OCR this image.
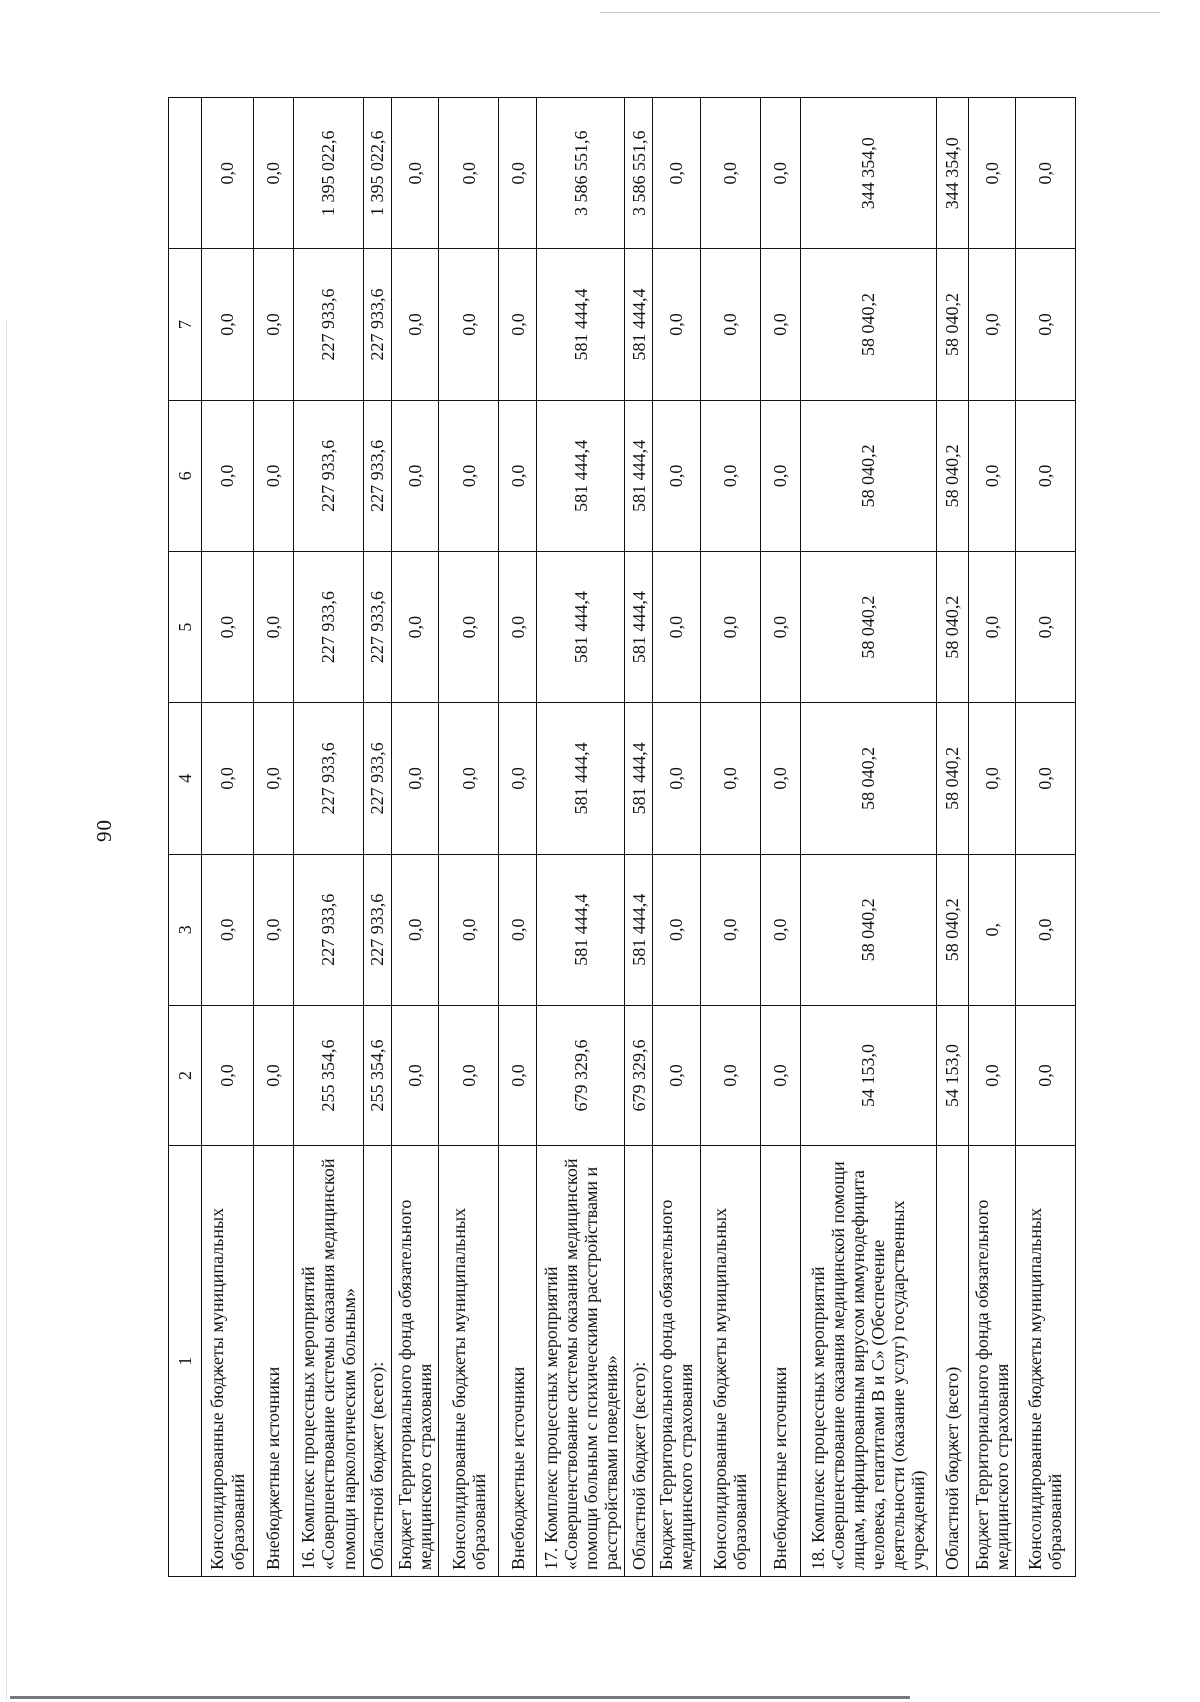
90
1	2	3	4	5	6	7	
Консолидированные бюджеты муниципальных образований	0,0	0,0	0,0	0,0	0,0	0,0	0,0
Внебюджетные источники	0,0	0,0	0,0	0,0	0,0	0,0	0,0
16. Комплекс процессных мероприятий «Совершенствование системы оказания медицинской помощи наркологическим больным»	255 354,6	227 933,6	227 933,6	227 933,6	227 933,6	227 933,6	1 395 022,6
Областной бюджет (всего):	255 354,6	227 933,6	227 933,6	227 933,6	227 933,6	227 933,6	1 395 022,6
Бюджет Территориального фонда обязательного медицинского страхования	0,0	0,0	0,0	0,0	0,0	0,0	0,0
Консолидированные бюджеты муниципальных образований	0,0	0,0	0,0	0,0	0,0	0,0	0,0
Внебюджетные источники	0,0	0,0	0,0	0,0	0,0	0,0	0,0
17. Комплекс процессных мероприятий «Совершенствование системы оказания медицинской помощи больным с психическими расстройствами и расстройствами поведения»	679 329,6	581 444,4	581 444,4	581 444,4	581 444,4	581 444,4	3 586 551,6
Областной бюджет (всего):	679 329,6	581 444,4	581 444,4	581 444,4	581 444,4	581 444,4	3 586 551,6
Бюджет Территориального фонда обязательного медицинского страхования	0,0	0,0	0,0	0,0	0,0	0,0	0,0
Консолидированные бюджеты муниципальных образований	0,0	0,0	0,0	0,0	0,0	0,0	0,0
Внебюджетные источники	0,0	0,0	0,0	0,0	0,0	0,0	0,0
18. Комплекс процессных мероприятий «Совершенствование оказания медицинской помощи лицам, инфицированным вирусом иммунодефицита человека, гепатитами В и С» (Обеспечение деятельности (оказание услуг) государственных учреждений)	54 153,0	58 040,2	58 040,2	58 040,2	58 040,2	58 040,2	344 354,0
Областной бюджет (всего)	54 153,0	58 040,2	58 040,2	58 040,2	58 040,2	58 040,2	344 354,0
Бюджет Территориального фонда обязательного медицинского страхования	0,0	0,	0,0	0,0	0,0	0,0	0,0
Консолидированные бюджеты муниципальных образований	0,0	0,0	0,0	0,0	0,0	0,0	0,0
